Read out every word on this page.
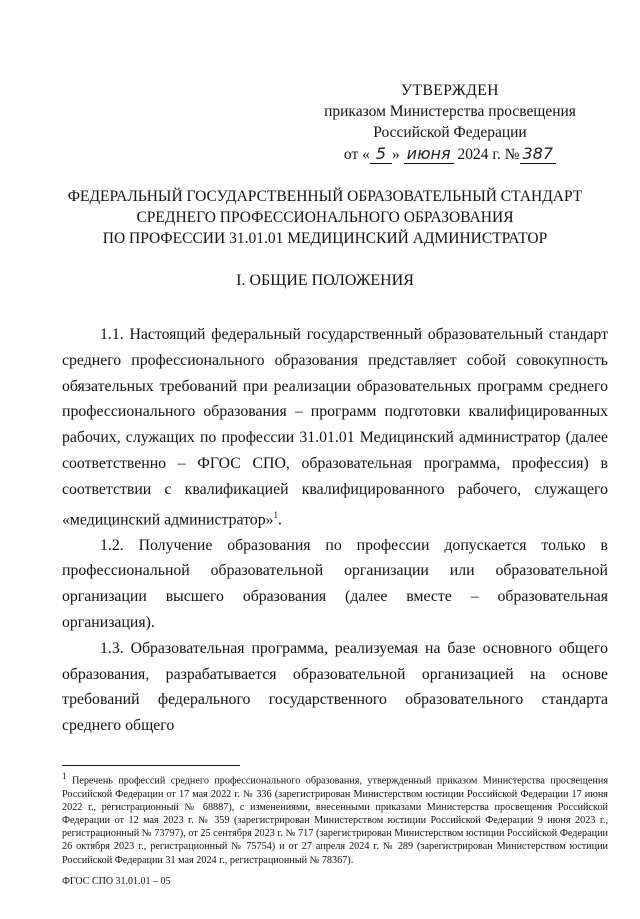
УТВЕРЖДЕН
приказом Министерства просвещения
Российской Федерации
от « 5 » июня 2024 г. № 387
ФЕДЕРАЛЬНЫЙ ГОСУДАРСТВЕННЫЙ ОБРАЗОВАТЕЛЬНЫЙ СТАНДАРТ
СРЕДНЕГО ПРОФЕССИОНАЛЬНОГО ОБРАЗОВАНИЯ
ПО ПРОФЕССИИ 31.01.01 МЕДИЦИНСКИЙ АДМИНИСТРАТОР
I. ОБЩИЕ ПОЛОЖЕНИЯ

1.1. Настоящий федеральный государственный образовательный стандарт среднего профессионального образования представляет собой совокупность обязательных требований при реализации образовательных программ среднего профессионального образования – программ подготовки квалифицированных рабочих, служащих по профессии 31.01.01 Медицинский администратор (далее соответственно – ФГОС СПО, образовательная программа, профессия) в соответствии с квалификацией квалифицированного рабочего, служащего «медицинский администратор»$^1$.

1.2. Получение образования по профессии допускается только в профессиональной образовательной организации или образовательной организации высшего образования (далее вместе – образовательная организация).

1.3. Образовательная программа, реализуемая на базе основного общего образования, разрабатывается образовательной организацией на основе требований федерального государственного образовательного стандарта среднего общего

$^1$ Перечень профессий среднего профессионального образования, утвержденный приказом Министерства просвещения Российской Федерации от 17 мая 2022 г. № 336 (зарегистрирован Министерством юстиции Российской Федерации 17 июня 2022 г., регистрационный № 68887), с изменениями, внесенными приказами Министерства просвещения Российской Федерации от 12 мая 2023 г. № 359 (зарегистрирован Министерством юстиции Российской Федерации 9 июня 2023 г., регистрационный № 73797), от 25 сентября 2023 г. № 717 (зарегистрирован Министерством юстиции Российской Федерации 26 октября 2023 г., регистрационный № 75754) и от 27 апреля 2024 г. № 289 (зарегистрирован Министерством юстиции Российской Федерации 31 мая 2024 г., регистрационный № 78367).
ФГОС СПО 31.01.01 – 05
